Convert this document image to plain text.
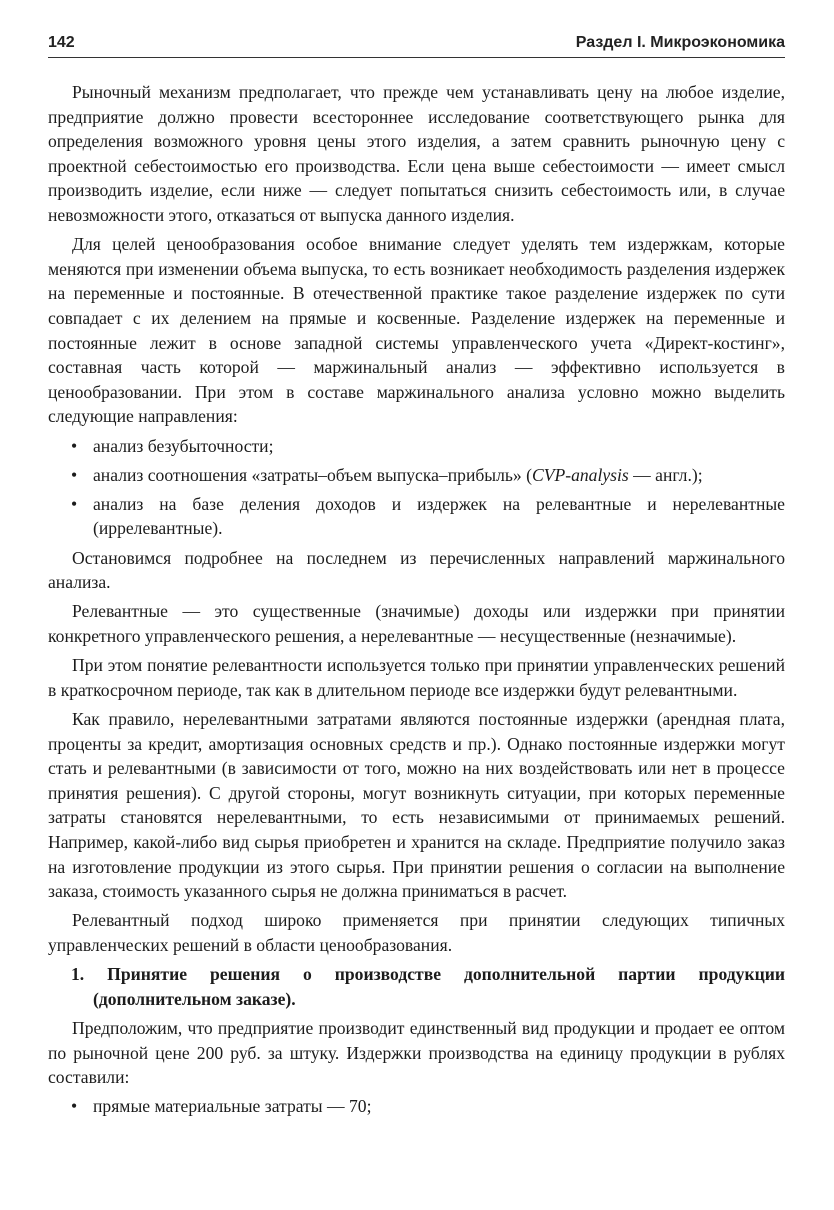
142	Раздел I. Микроэкономика

Рыночный механизм предполагает, что прежде чем устанавливать цену на любое изделие, предприятие должно провести всестороннее исследование соответствующего рынка для определения возможного уровня цены этого изделия, а затем сравнить рыночную цену с проектной себестоимостью его производства. Если цена выше себестоимости — имеет смысл производить изделие, если ниже — следует попытаться снизить себестоимость или, в случае невозможности этого, отказаться от выпуска данного изделия.

Для целей ценообразования особое внимание следует уделять тем издержкам, которые меняются при изменении объема выпуска, то есть возникает необходимость разделения издержек на переменные и постоянные. В отечественной практике такое разделение издержек по сути совпадает с их делением на прямые и косвенные. Разделение издержек на переменные и постоянные лежит в основе западной системы управленческого учета «Директ-костинг», составная часть которой — маржинальный анализ — эффективно используется в ценообразовании. При этом в составе маржинального анализа условно можно выделить следующие направления:

• анализ безубыточности;
• анализ соотношения «затраты–объем выпуска–прибыль» (CVP-analysis — англ.);
• анализ на базе деления доходов и издержек на релевантные и нерелевантные (иррелевантные).

Остановимся подробнее на последнем из перечисленных направлений маржинального анализа.

Релевантные — это существенные (значимые) доходы или издержки при принятии конкретного управленческого решения, а нерелевантные — несущественные (незначимые).

При этом понятие релевантности используется только при принятии управленческих решений в краткосрочном периоде, так как в длительном периоде все издержки будут релевантными.

Как правило, нерелевантными затратами являются постоянные издержки (арендная плата, проценты за кредит, амортизация основных средств и пр.). Однако постоянные издержки могут стать и релевантными (в зависимости от того, можно на них воздействовать или нет в процессе принятия решения). С другой стороны, могут возникнуть ситуации, при которых переменные затраты становятся нерелевантными, то есть независимыми от принимаемых решений. Например, какой-либо вид сырья приобретен и хранится на складе. Предприятие получило заказ на изготовление продукции из этого сырья. При принятии решения о согласии на выполнение заказа, стоимость указанного сырья не должна приниматься в расчет.

Релевантный подход широко применяется при принятии следующих типичных управленческих решений в области ценообразования.

1. Принятие решения о производстве дополнительной партии продукции (дополнительном заказе).

Предположим, что предприятие производит единственный вид продукции и продает ее оптом по рыночной цене 200 руб. за штуку. Издержки производства на единицу продукции в рублях составили:

• прямые материальные затраты — 70;
